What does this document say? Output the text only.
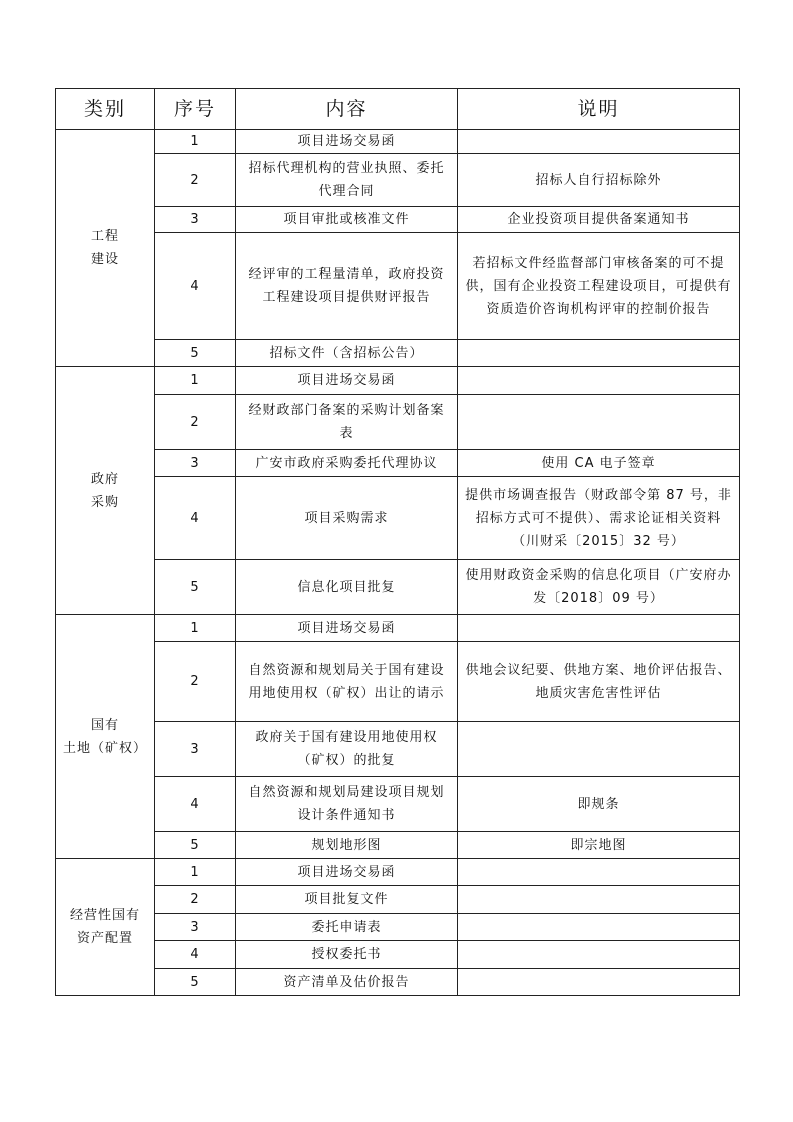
类别	序号	内容	说明

工程
建设	1	项目进场交易函	
	2	招标代理机构的营业执照、委托代理合同	招标人自行招标除外
	3	项目审批或核准文件	企业投资项目提供备案通知书
	4	经评审的工程量清单，政府投资工程建设项目提供财评报告	若招标文件经监督部门审核备案的可不提供，国有企业投资工程建设项目，可提供有资质造价咨询机构评审的控制价报告
	5	招标文件（含招标公告）	

政府
采购	1	项目进场交易函	
	2	经财政部门备案的采购计划备案表	
	3	广安市政府采购委托代理协议	使用 CA 电子签章
	4	项目采购需求	提供市场调查报告（财政部令第 87 号，非招标方式可不提供）、需求论证相关资料（川财采〔2015〕32 号）
	5	信息化项目批复	使用财政资金采购的信息化项目（广安府办发〔2018〕09 号）

国有
土地（矿权）	1	项目进场交易函	
	2	自然资源和规划局关于国有建设用地使用权（矿权）出让的请示	供地会议纪要、供地方案、地价评估报告、地质灾害危害性评估
	3	政府关于国有建设用地使用权（矿权）的批复	
	4	自然资源和规划局建设项目规划设计条件通知书	即规条
	5	规划地形图	即宗地图

经营性国有
资产配置	1	项目进场交易函	
	2	项目批复文件	
	3	委托申请表	
	4	授权委托书	
	5	资产清单及估价报告	
